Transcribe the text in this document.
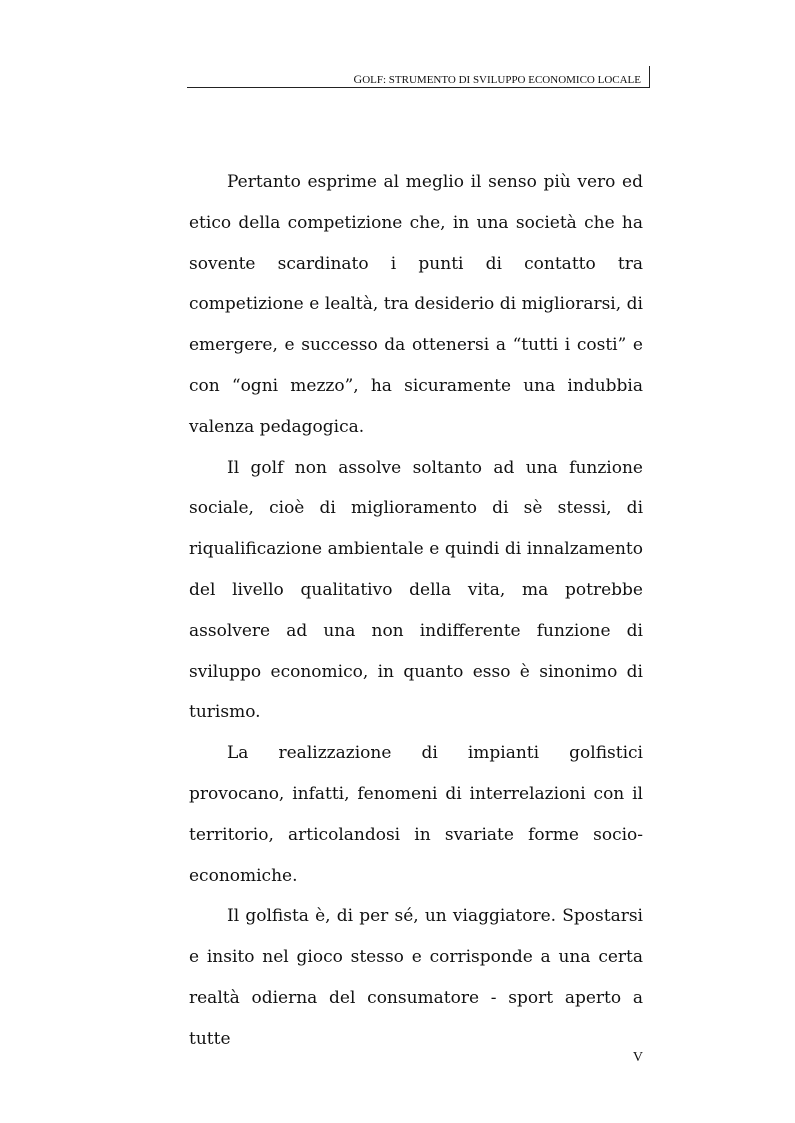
GOLF: STRUMENTO DI SVILUPPO ECONOMICO LOCALE

Pertanto esprime al meglio il senso più vero ed etico della competizione che, in una società che ha sovente scardinato i punti di contatto tra competizione e lealtà, tra desiderio di migliorarsi, di emergere, e successo da ottenersi a “tutti i costi” e con “ogni mezzo”, ha sicuramente una indubbia valenza pedagogica.

Il golf non assolve soltanto ad una funzione sociale, cioè di miglioramento di sè stessi, di riqualificazione ambientale e quindi di innalzamento del livello qualitativo della vita, ma potrebbe assolvere ad una non indifferente funzione di sviluppo economico, in quanto esso è sinonimo di turismo.

La realizzazione di impianti golfistici provocano, infatti, fenomeni di interrelazioni con il territorio, articolandosi in svariate forme socio-economiche.

Il golfista è, di per sé, un viaggiatore. Spostarsi e insito nel gioco stesso e corrisponde a una certa realtà odierna del consumatore - sport aperto a tutte

V
